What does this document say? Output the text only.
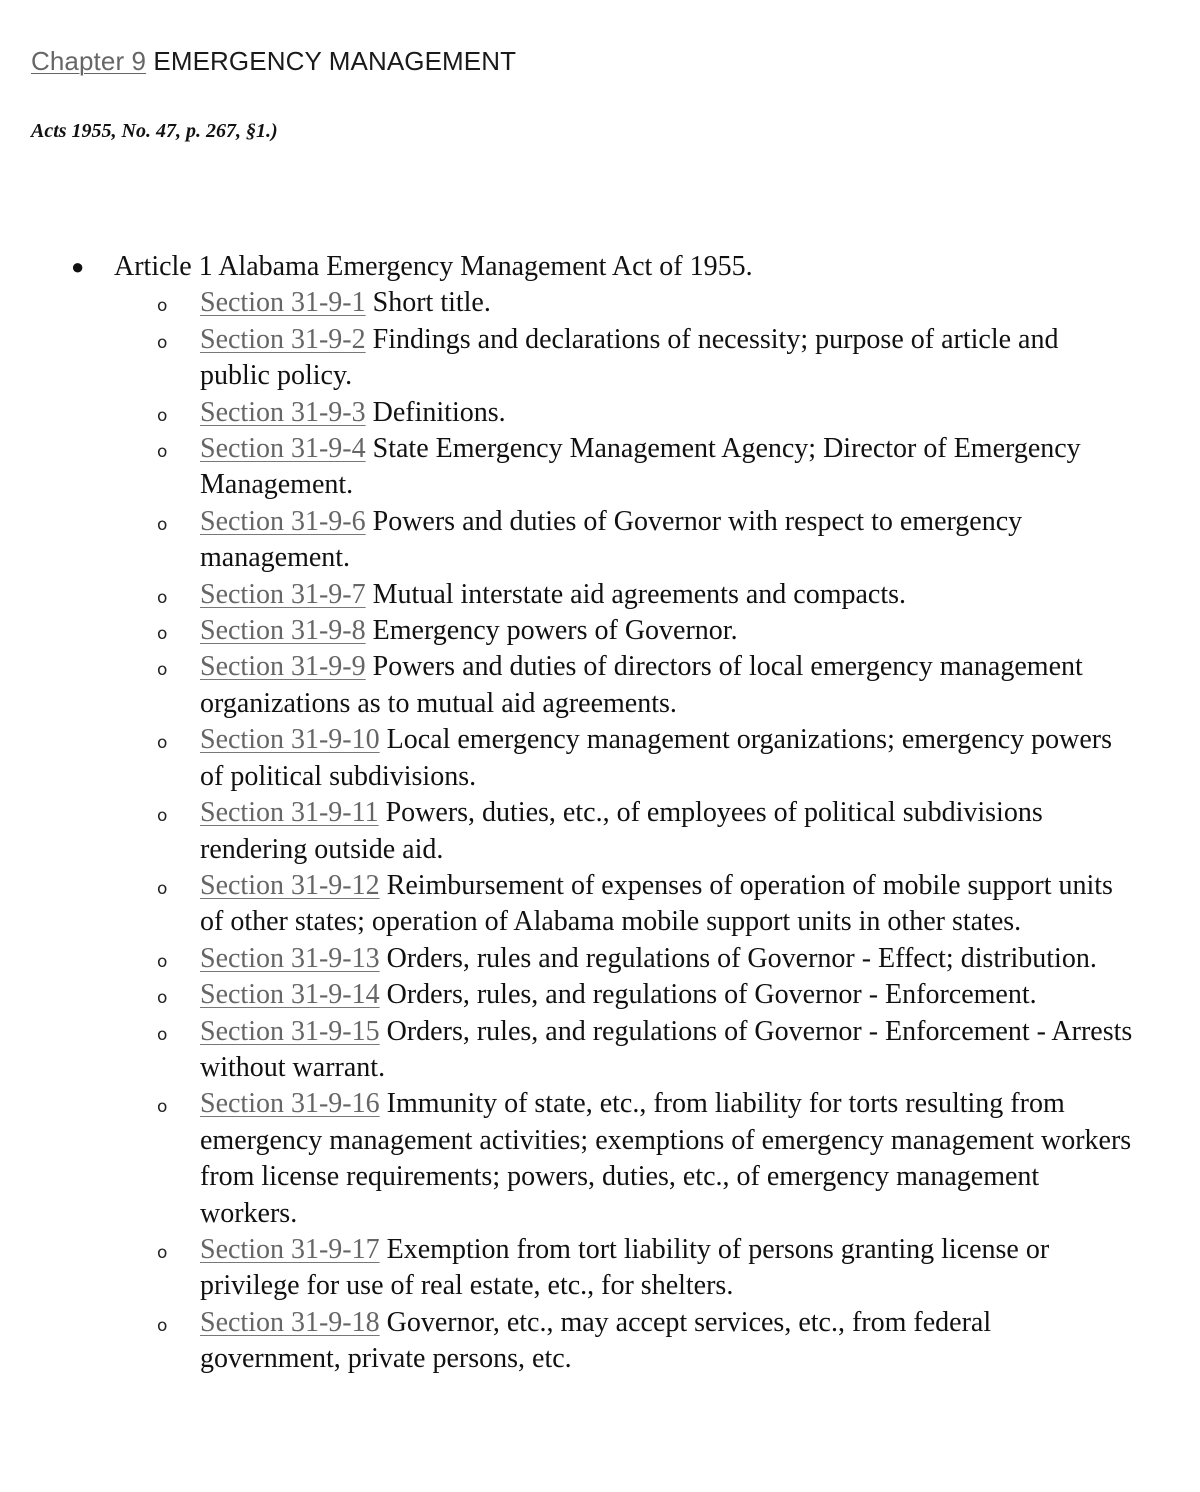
Chapter 9 EMERGENCY MANAGEMENT
Acts 1955, No. 47, p. 267, §1.)
● Article 1 Alabama Emergency Management Act of 1955.
o Section 31-9-1 Short title.
o Section 31-9-2 Findings and declarations of necessity; purpose of article and public policy.
o Section 31-9-3 Definitions.
o Section 31-9-4 State Emergency Management Agency; Director of Emergency Management.
o Section 31-9-6 Powers and duties of Governor with respect to emergency management.
o Section 31-9-7 Mutual interstate aid agreements and compacts.
o Section 31-9-8 Emergency powers of Governor.
o Section 31-9-9 Powers and duties of directors of local emergency management organizations as to mutual aid agreements.
o Section 31-9-10 Local emergency management organizations; emergency powers of political subdivisions.
o Section 31-9-11 Powers, duties, etc., of employees of political subdivisions rendering outside aid.
o Section 31-9-12 Reimbursement of expenses of operation of mobile support units of other states; operation of Alabama mobile support units in other states.
o Section 31-9-13 Orders, rules and regulations of Governor - Effect; distribution.
o Section 31-9-14 Orders, rules, and regulations of Governor - Enforcement.
o Section 31-9-15 Orders, rules, and regulations of Governor - Enforcement - Arrests without warrant.
o Section 31-9-16 Immunity of state, etc., from liability for torts resulting from emergency management activities; exemptions of emergency management workers from license requirements; powers, duties, etc., of emergency management workers.
o Section 31-9-17 Exemption from tort liability of persons granting license or privilege for use of real estate, etc., for shelters.
o Section 31-9-18 Governor, etc., may accept services, etc., from federal government, private persons, etc.
